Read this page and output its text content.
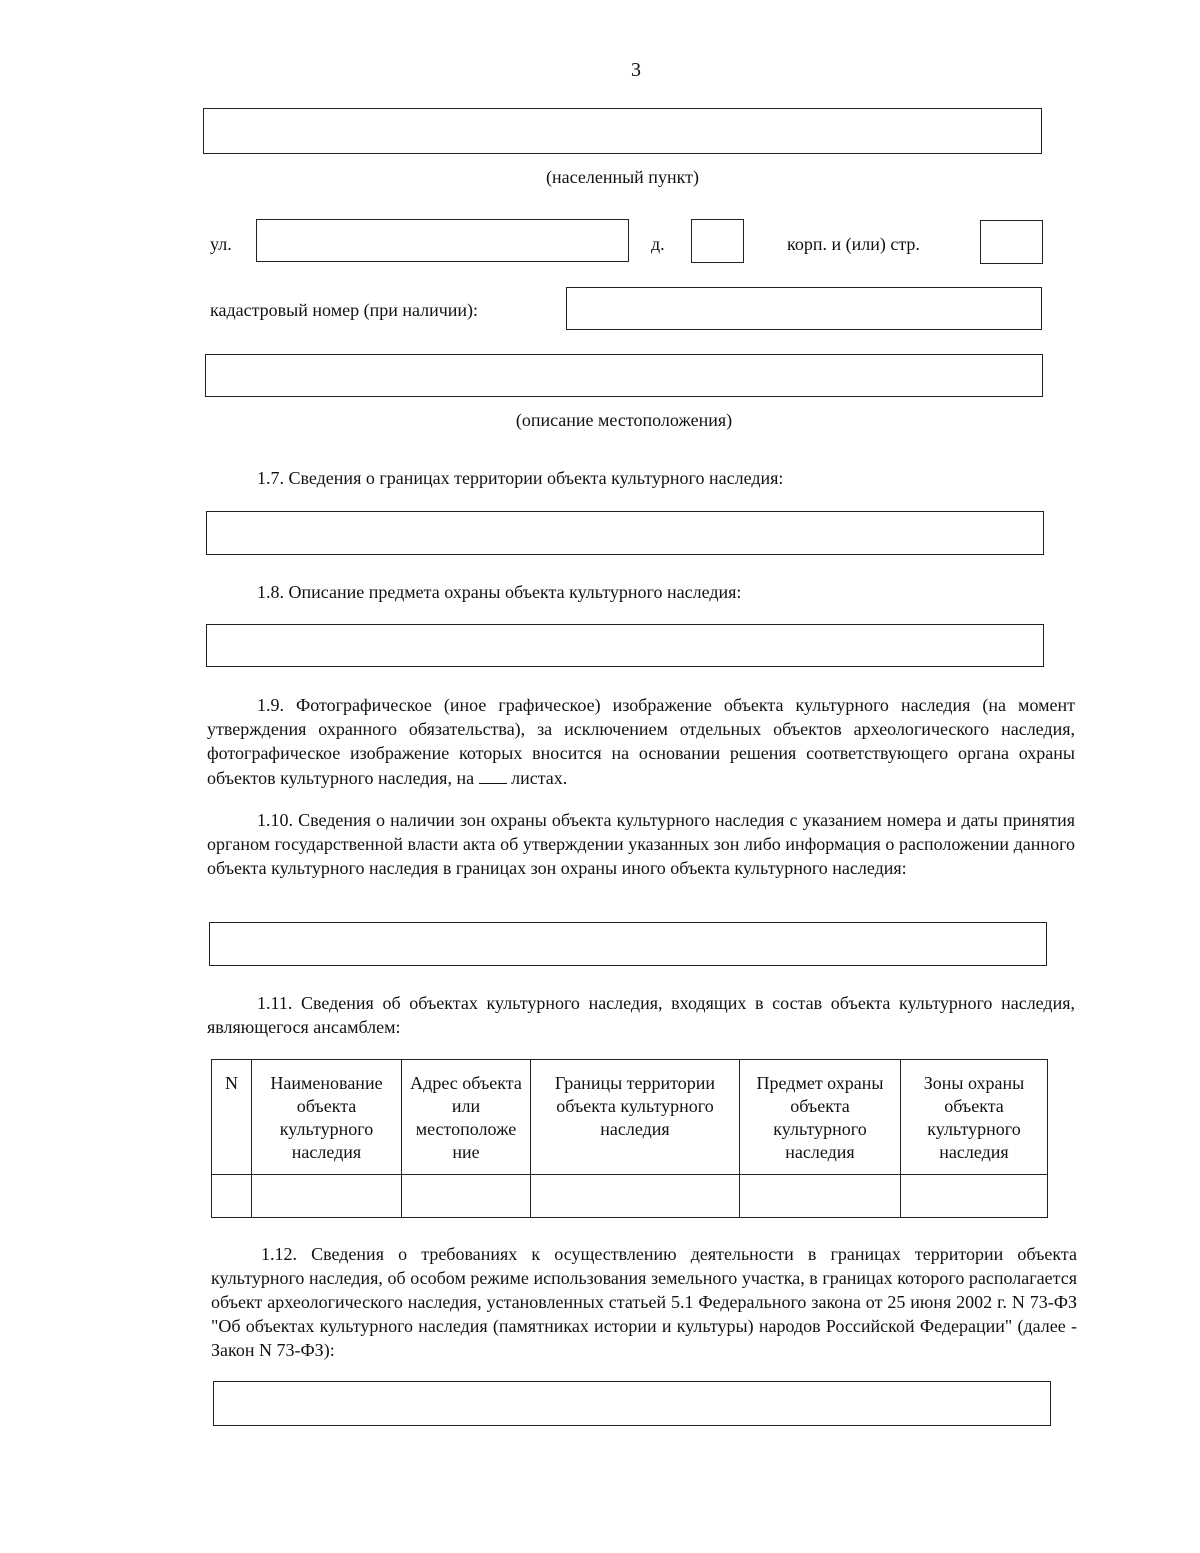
3
(населенный пункт)
ул.	д.	корп. и (или) стр.
кадастровый номер (при наличии):
(описание местоположения)
1.7. Сведения о границах территории объекта культурного наследия:
1.8. Описание предмета охраны объекта культурного наследия:
1.9. Фотографическое (иное графическое) изображение объекта культурного наследия (на момент утверждения охранного обязательства), за исключением отдельных объектов археологического наследия, фотографическое изображение которых вносится на основании решения соответствующего органа охраны объектов культурного наследия, на листах.
1.10. Сведения о наличии зон охраны объекта культурного наследия с указанием номера и даты принятия органом государственной власти акта об утверждении указанных зон либо информация о расположении данного объекта культурного наследия в границах зон охраны иного объекта культурного наследия:
1.11. Сведения об объектах культурного наследия, входящих в состав объекта культурного наследия, являющегося ансамблем:
N	Наименование объекта культурного наследия	Адрес объекта или местоположе ние	Границы территории объекта культурного наследия	Предмет охраны объекта культурного наследия	Зоны охраны объекта культурного наследия

1.12. Сведения о требованиях к осуществлению деятельности в границах территории объекта культурного наследия, об особом режиме использования земельного участка, в границах которого располагается объект археологического наследия, установленных статьей 5.1 Федерального закона от 25 июня 2002 г. N 73-ФЗ "Об объектах культурного наследия (памятниках истории и культуры) народов Российской Федерации" (далее - Закон N 73-ФЗ):
